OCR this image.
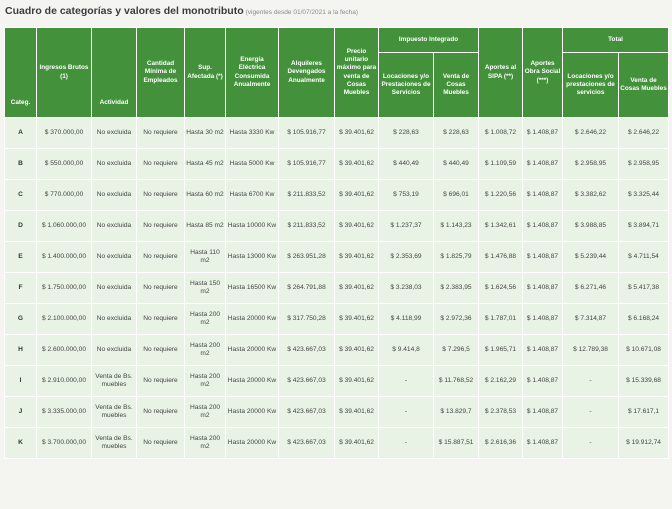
Cuadro de categorías y valores del monotributo (vigentes desde 01/07/2021 a la fecha)
Categ.	Ingresos Brutos (1)	Actividad	Cantidad Mínima de Empleados	Sup. Afectada (*)	Energía Eléctrica Consumida Anualmente	Alquileres Devengados Anualmente	Precio unitario máximo para venta de Cosas Muebles	Impuesto Integrado		Aportes al SIPA (**)	Aportes Obra Social (***)	Total	
								Locaciones y/o Prestaciones de Servicios	Venta de Cosas Muebles			Locaciones y/o prestaciones de servicios	Venta de Cosas Muebles
A	$ 370.000,00	No excluida	No requiere	Hasta 30 m2	Hasta 3330 Kw	$ 105.916,77	$ 39.401,62	$ 228,63	$ 228,63	$ 1.008,72	$ 1.408,87	$ 2.646,22	$ 2.646,22
B	$ 550.000,00	No excluida	No requiere	Hasta 45 m2	Hasta 5000 Kw	$ 105.916,77	$ 39.401,62	$ 440,49	$ 440,49	$ 1.109,59	$ 1.408,87	$ 2.958,95	$ 2.958,95
C	$ 770.000,00	No excluida	No requiere	Hasta 60 m2	Hasta 6700 Kw	$ 211.833,52	$ 39.401,62	$ 753,19	$ 696,01	$ 1.220,56	$ 1.408,87	$ 3.382,62	$ 3.325,44
D	$ 1.060.000,00	No excluida	No requiere	Hasta 85 m2	Hasta 10000 Kw	$ 211.833,52	$ 39.401,62	$ 1.237,37	$ 1.143,23	$ 1.342,61	$ 1.408,87	$ 3.988,85	$ 3.894,71
E	$ 1.400.000,00	No excluida	No requiere	Hasta 110 m2	Hasta 13000 Kw	$ 263.951,28	$ 39.401,62	$ 2.353,69	$ 1.825,79	$ 1.476,88	$ 1.408,87	$ 5.239,44	$ 4.711,54
F	$ 1.750.000,00	No excluida	No requiere	Hasta 150 m2	Hasta 16500 Kw	$ 264.791,88	$ 39.401,62	$ 3.238,03	$ 2.383,95	$ 1.624,56	$ 1.408,87	$ 6.271,46	$ 5.417,38
G	$ 2.100.000,00	No excluida	No requiere	Hasta 200 m2	Hasta 20000 Kw	$ 317.750,28	$ 39.401,62	$ 4.118,99	$ 2.972,36	$ 1.787,01	$ 1.408,87	$ 7.314,87	$ 6.168,24
H	$ 2.600.000,00	No excluida	No requiere	Hasta 200 m2	Hasta 20000 Kw	$ 423.667,03	$ 39.401,62	$ 9.414,8	$ 7.296,5	$ 1.965,71	$ 1.408,87	$ 12.789,38	$ 10.671,08
I	$ 2.910.000,00	Venta de Bs. muebles	No requiere	Hasta 200 m2	Hasta 20000 Kw	$ 423.667,03	$ 39.401,62	-	$ 11.768,52	$ 2.162,29	$ 1.408,87	-	$ 15.339,68
J	$ 3.335.000,00	Venta de Bs. muebles	No requiere	Hasta 200 m2	Hasta 20000 Kw	$ 423.667,03	$ 39.401,62	-	$ 13.829,7	$ 2.378,53	$ 1.408,87	-	$ 17.617,1
K	$ 3.700.000,00	Venta de Bs. muebles	No requiere	Hasta 200 m2	Hasta 20000 Kw	$ 423.667,03	$ 39.401,62	-	$ 15.887,51	$ 2.616,36	$ 1.408,87	-	$ 19.912,74
